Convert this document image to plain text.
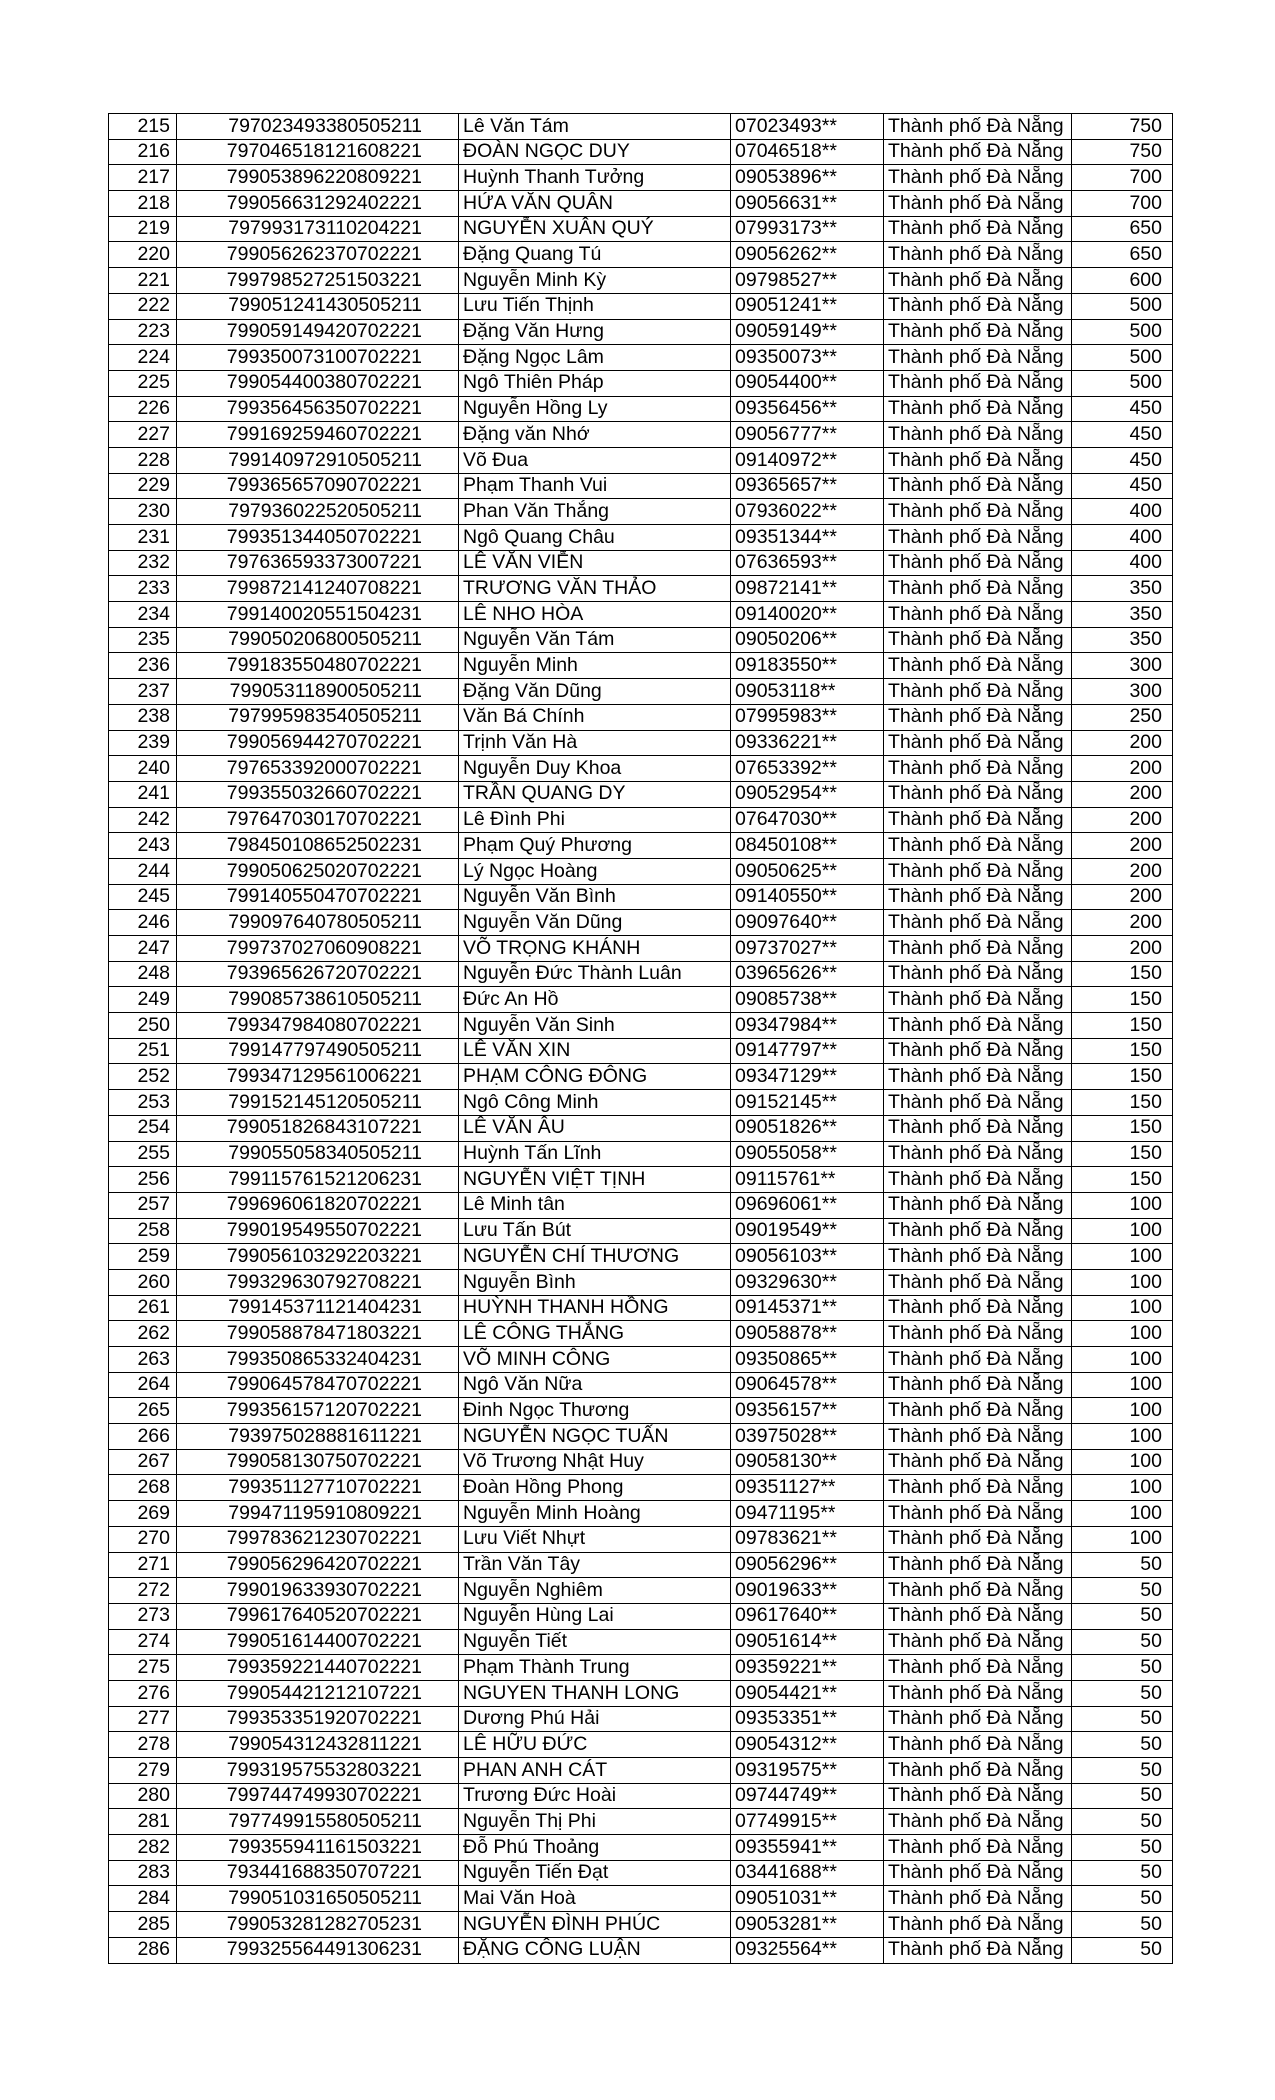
215	797023493380505211	Lê Văn Tám	07023493**	Thành phố Đà Nẵng	750
216	797046518121608221	ĐOÀN NGỌC DUY	07046518**	Thành phố Đà Nẵng	750
217	799053896220809221	Huỳnh Thanh Tưởng	09053896**	Thành phố Đà Nẵng	700
218	799056631292402221	HỨA VĂN QUÂN	09056631**	Thành phố Đà Nẵng	700
219	797993173110204221	NGUYỄN XUÂN QUÝ	07993173**	Thành phố Đà Nẵng	650
220	799056262370702221	Đặng Quang Tú	09056262**	Thành phố Đà Nẵng	650
221	799798527251503221	Nguyễn Minh Kỳ	09798527**	Thành phố Đà Nẵng	600
222	799051241430505211	Lưu Tiến Thịnh	09051241**	Thành phố Đà Nẵng	500
223	799059149420702221	Đặng Văn Hưng	09059149**	Thành phố Đà Nẵng	500
224	799350073100702221	Đặng Ngọc Lâm	09350073**	Thành phố Đà Nẵng	500
225	799054400380702221	Ngô Thiên Pháp	09054400**	Thành phố Đà Nẵng	500
226	799356456350702221	Nguyễn Hồng Ly	09356456**	Thành phố Đà Nẵng	450
227	799169259460702221	Đặng văn Nhớ	09056777**	Thành phố Đà Nẵng	450
228	799140972910505211	Võ Đua	09140972**	Thành phố Đà Nẵng	450
229	799365657090702221	Phạm Thanh Vui	09365657**	Thành phố Đà Nẵng	450
230	797936022520505211	Phan Văn Thắng	07936022**	Thành phố Đà Nẵng	400
231	799351344050702221	Ngô Quang Châu	09351344**	Thành phố Đà Nẵng	400
232	797636593373007221	LÊ VĂN VIỄN	07636593**	Thành phố Đà Nẵng	400
233	799872141240708221	TRƯƠNG VĂN THẢO	09872141**	Thành phố Đà Nẵng	350
234	799140020551504231	LÊ NHO HÒA	09140020**	Thành phố Đà Nẵng	350
235	799050206800505211	Nguyễn Văn Tám	09050206**	Thành phố Đà Nẵng	350
236	799183550480702221	Nguyễn Minh	09183550**	Thành phố Đà Nẵng	300
237	799053118900505211	Đặng Văn Dũng	09053118**	Thành phố Đà Nẵng	300
238	797995983540505211	Văn Bá Chính	07995983**	Thành phố Đà Nẵng	250
239	799056944270702221	Trịnh Văn Hà	09336221**	Thành phố Đà Nẵng	200
240	797653392000702221	Nguyễn Duy Khoa	07653392**	Thành phố Đà Nẵng	200
241	799355032660702221	TRẦN QUANG DY	09052954**	Thành phố Đà Nẵng	200
242	797647030170702221	Lê Đình Phi	07647030**	Thành phố Đà Nẵng	200
243	798450108652502231	Phạm Quý Phương	08450108**	Thành phố Đà Nẵng	200
244	799050625020702221	Lý Ngọc Hoàng	09050625**	Thành phố Đà Nẵng	200
245	799140550470702221	Nguyễn Văn Bình	09140550**	Thành phố Đà Nẵng	200
246	799097640780505211	Nguyễn Văn Dũng	09097640**	Thành phố Đà Nẵng	200
247	799737027060908221	VÕ TRỌNG KHÁNH	09737027**	Thành phố Đà Nẵng	200
248	793965626720702221	Nguyễn Đức Thành Luân	03965626**	Thành phố Đà Nẵng	150
249	799085738610505211	Đức An Hồ	09085738**	Thành phố Đà Nẵng	150
250	799347984080702221	Nguyễn Văn Sinh	09347984**	Thành phố Đà Nẵng	150
251	799147797490505211	LÊ VĂN XIN	09147797**	Thành phố Đà Nẵng	150
252	799347129561006221	PHẠM CÔNG ĐÔNG	09347129**	Thành phố Đà Nẵng	150
253	799152145120505211	Ngô Công Minh	09152145**	Thành phố Đà Nẵng	150
254	799051826843107221	LÊ VĂN ÂU	09051826**	Thành phố Đà Nẵng	150
255	799055058340505211	Huỳnh Tấn Lĩnh	09055058**	Thành phố Đà Nẵng	150
256	799115761521206231	NGUYỄN VIỆT TỊNH	09115761**	Thành phố Đà Nẵng	150
257	799696061820702221	Lê Minh tân	09696061**	Thành phố Đà Nẵng	100
258	799019549550702221	Lưu Tấn Bút	09019549**	Thành phố Đà Nẵng	100
259	799056103292203221	NGUYỄN CHÍ THƯƠNG	09056103**	Thành phố Đà Nẵng	100
260	799329630792708221	Nguyễn Bình	09329630**	Thành phố Đà Nẵng	100
261	799145371121404231	HUỲNH THANH HỒNG	09145371**	Thành phố Đà Nẵng	100
262	799058878471803221	LÊ CÔNG THẮNG	09058878**	Thành phố Đà Nẵng	100
263	799350865332404231	VÕ MINH CÔNG	09350865**	Thành phố Đà Nẵng	100
264	799064578470702221	Ngô Văn Nữa	09064578**	Thành phố Đà Nẵng	100
265	799356157120702221	Đinh Ngọc Thương	09356157**	Thành phố Đà Nẵng	100
266	793975028881611221	NGUYỄN NGỌC TUẤN	03975028**	Thành phố Đà Nẵng	100
267	799058130750702221	Võ Trương Nhật Huy	09058130**	Thành phố Đà Nẵng	100
268	799351127710702221	Đoàn Hồng Phong	09351127**	Thành phố Đà Nẵng	100
269	799471195910809221	Nguyễn Minh Hoàng	09471195**	Thành phố Đà Nẵng	100
270	799783621230702221	Lưu Viết Nhựt	09783621**	Thành phố Đà Nẵng	100
271	799056296420702221	Trần Văn Tây	09056296**	Thành phố Đà Nẵng	50
272	799019633930702221	Nguyễn Nghiêm	09019633**	Thành phố Đà Nẵng	50
273	799617640520702221	Nguyễn Hùng Lai	09617640**	Thành phố Đà Nẵng	50
274	799051614400702221	Nguyễn Tiết	09051614**	Thành phố Đà Nẵng	50
275	799359221440702221	Phạm Thành Trung	09359221**	Thành phố Đà Nẵng	50
276	799054421212107221	NGUYEN THANH LONG	09054421**	Thành phố Đà Nẵng	50
277	799353351920702221	Dương Phú Hải	09353351**	Thành phố Đà Nẵng	50
278	799054312432811221	LÊ HỮU ĐỨC	09054312**	Thành phố Đà Nẵng	50
279	799319575532803221	PHAN ANH CÁT	09319575**	Thành phố Đà Nẵng	50
280	799744749930702221	Trương Đức Hoài	09744749**	Thành phố Đà Nẵng	50
281	797749915580505211	Nguyễn Thị Phi	07749915**	Thành phố Đà Nẵng	50
282	799355941161503221	Đỗ Phú Thoảng	09355941**	Thành phố Đà Nẵng	50
283	793441688350707221	Nguyễn Tiến Đạt	03441688**	Thành phố Đà Nẵng	50
284	799051031650505211	Mai Văn Hoà	09051031**	Thành phố Đà Nẵng	50
285	799053281282705231	NGUYỄN ĐÌNH PHÚC	09053281**	Thành phố Đà Nẵng	50
286	799325564491306231	ĐẶNG CÔNG LUẬN	09325564**	Thành phố Đà Nẵng	50
